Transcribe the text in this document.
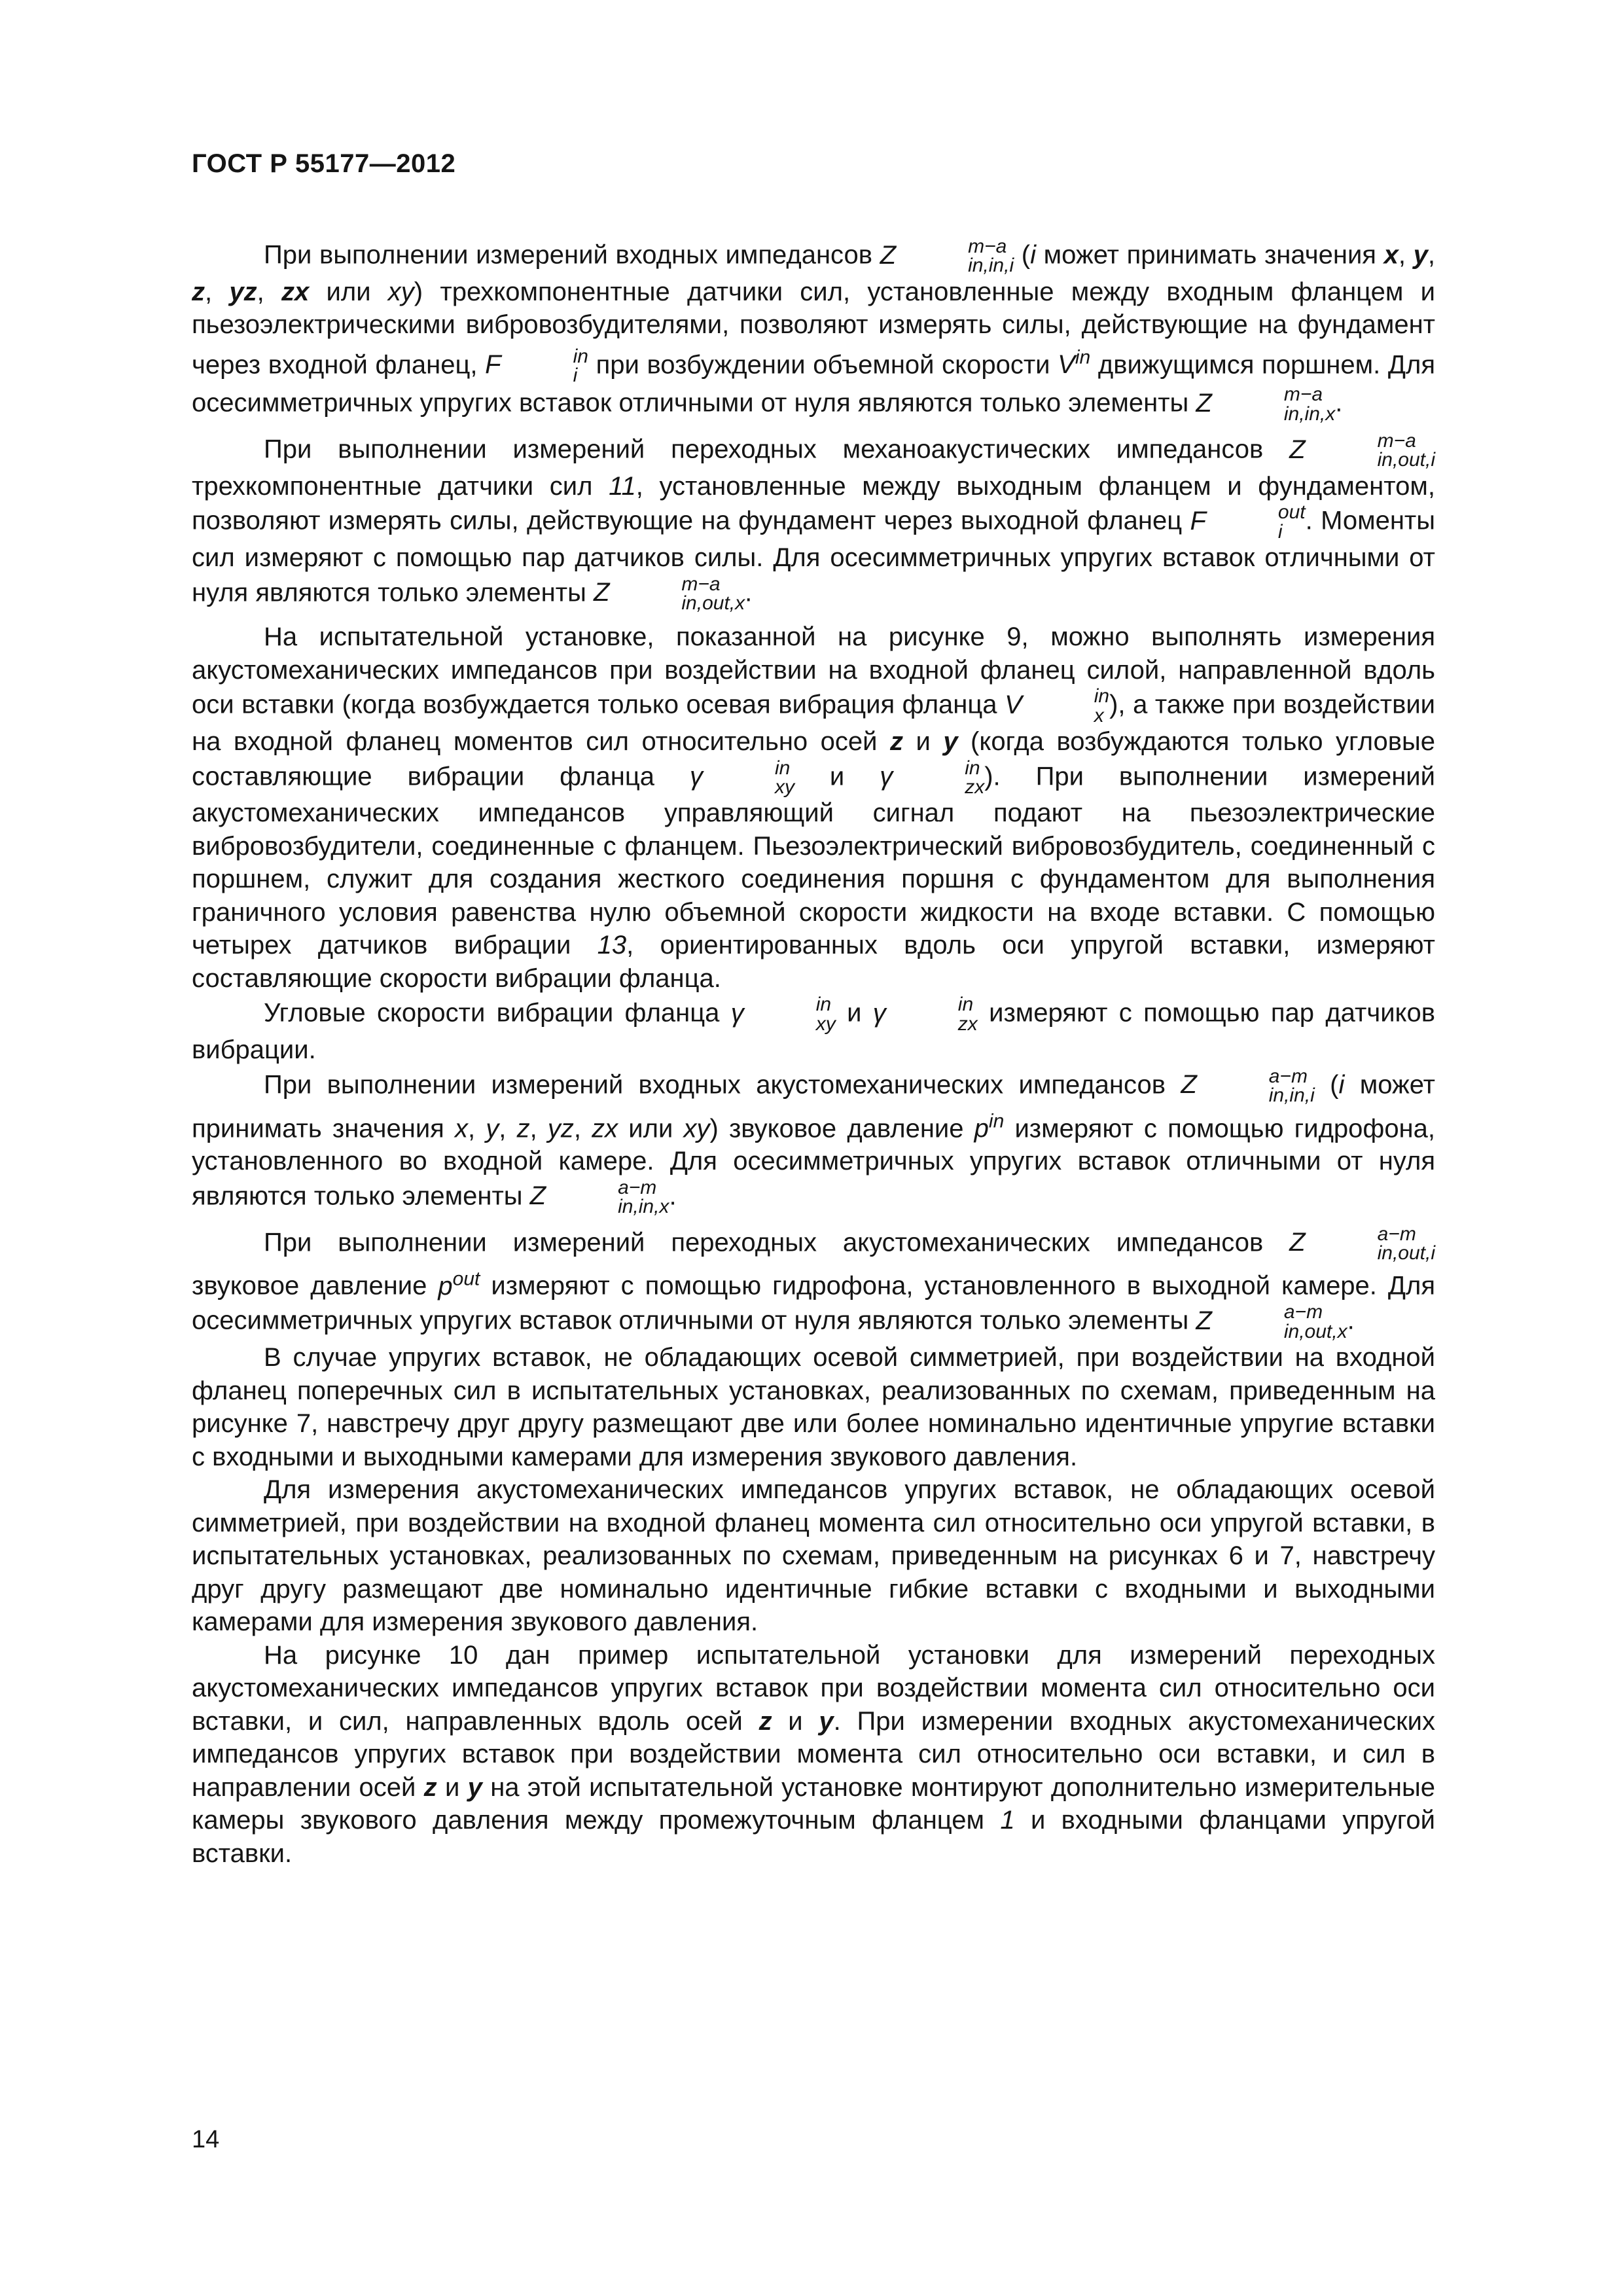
ГОСТ Р 55177—2012

При выполнении измерений входных импедансов Z	m−a
in,in,i (i может принимать значения x, y, z, yz, zx или xy) трехкомпонентные датчики сил, установленные между входным фланцем и пьезоэлектрическими вибровозбудителями, позволяют измерять силы, действующие на фундамент через входной фланец, F	in
i при возбуждении объемной скорости $V^{in}$ движущимся поршнем. Для осесимметричных упругих вставок отличными от нуля являются только элементы Z	m−a
in,in,x .

При выполнении измерений переходных механоакустических импедансов Z	m−a
in,out,i
трехкомпонентные датчики сил 11, установленные между выходным фланцем и фундаментом, позволяют измерять силы, действующие на фундамент через выходной фланец F	out
i . Моменты сил измеряют с помощью пар датчиков силы. Для осесимметричных упругих вставок отличными от нуля являются только элементы Z	m−a
in,out,x .

На испытательной установке, показанной на рисунке 9, можно выполнять измерения акустомеханических импедансов при воздействии на входной фланец силой, направленной вдоль оси вставки (когда возбуждается только осевая вибрация фланца V	in
x ), а также при воздействии на входной фланец моментов сил относительно осей z и y (когда возбуждаются только угловые составляющие вибрации фланца γ	in
xy и γ	in
zx ). При выполнении измерений акустомеханических импедансов управляющий сигнал подают на пьезоэлектрические вибровозбудители, соединенные с фланцем. Пьезоэлектрический вибровозбудитель, соединенный с поршнем, служит для создания жесткого соединения поршня с фундаментом для выполнения граничного условия равенства нулю объемной скорости жидкости на входе вставки. С помощью четырех датчиков вибрации 13, ориентированных вдоль оси упругой вставки, измеряют составляющие скорости вибрации фланца.

Угловые скорости вибрации фланца γ	in
xy и γ	in
zx измеряют с помощью пар датчиков вибрации.

При выполнении измерений входных акустомеханических импедансов Z	a−m
in,in,i (i может принимать значения x, y, z, yz, zx или xy) звуковое давление $p^{in}$ измеряют с помощью гидрофона, установленного во входной камере. Для осесимметричных упругих вставок отличными от нуля являются только элементы Z	a−m
in,in,x .

При выполнении измерений переходных акустомеханических импедансов Z	a−m
in,out,i
звуковое давление $p^{out}$ измеряют с помощью гидрофона, установленного в выходной камере. Для осесимметричных упругих вставок отличными от нуля являются только элементы Z	a−m
in,out,x .

В случае упругих вставок, не обладающих осевой симметрией, при воздействии на входной фланец поперечных сил в испытательных установках, реализованных по схемам, приведенным на рисунке 7, навстречу друг другу размещают две или более номинально идентичные упругие вставки с входными и выходными камерами для измерения звукового давления.

Для измерения акустомеханических импедансов упругих вставок, не обладающих осевой симметрией, при воздействии на входной фланец момента сил относительно оси упругой вставки, в испытательных установках, реализованных по схемам, приведенным на рисунках 6 и 7, навстречу друг другу размещают две номинально идентичные гибкие вставки с входными и выходными камерами для измерения звукового давления.

На рисунке 10 дан пример испытательной установки для измерений переходных акустомеханических импедансов упругих вставок при воздействии момента сил относительно оси вставки, и сил, направленных вдоль осей z и y. При измерении входных акустомеханических импедансов упругих вставок при воздействии момента сил относительно оси вставки, и сил в направлении осей z и y на этой испытательной установке монтируют дополнительно измерительные камеры звукового давления между промежуточным фланцем 1 и входными фланцами упругой вставки.

14
